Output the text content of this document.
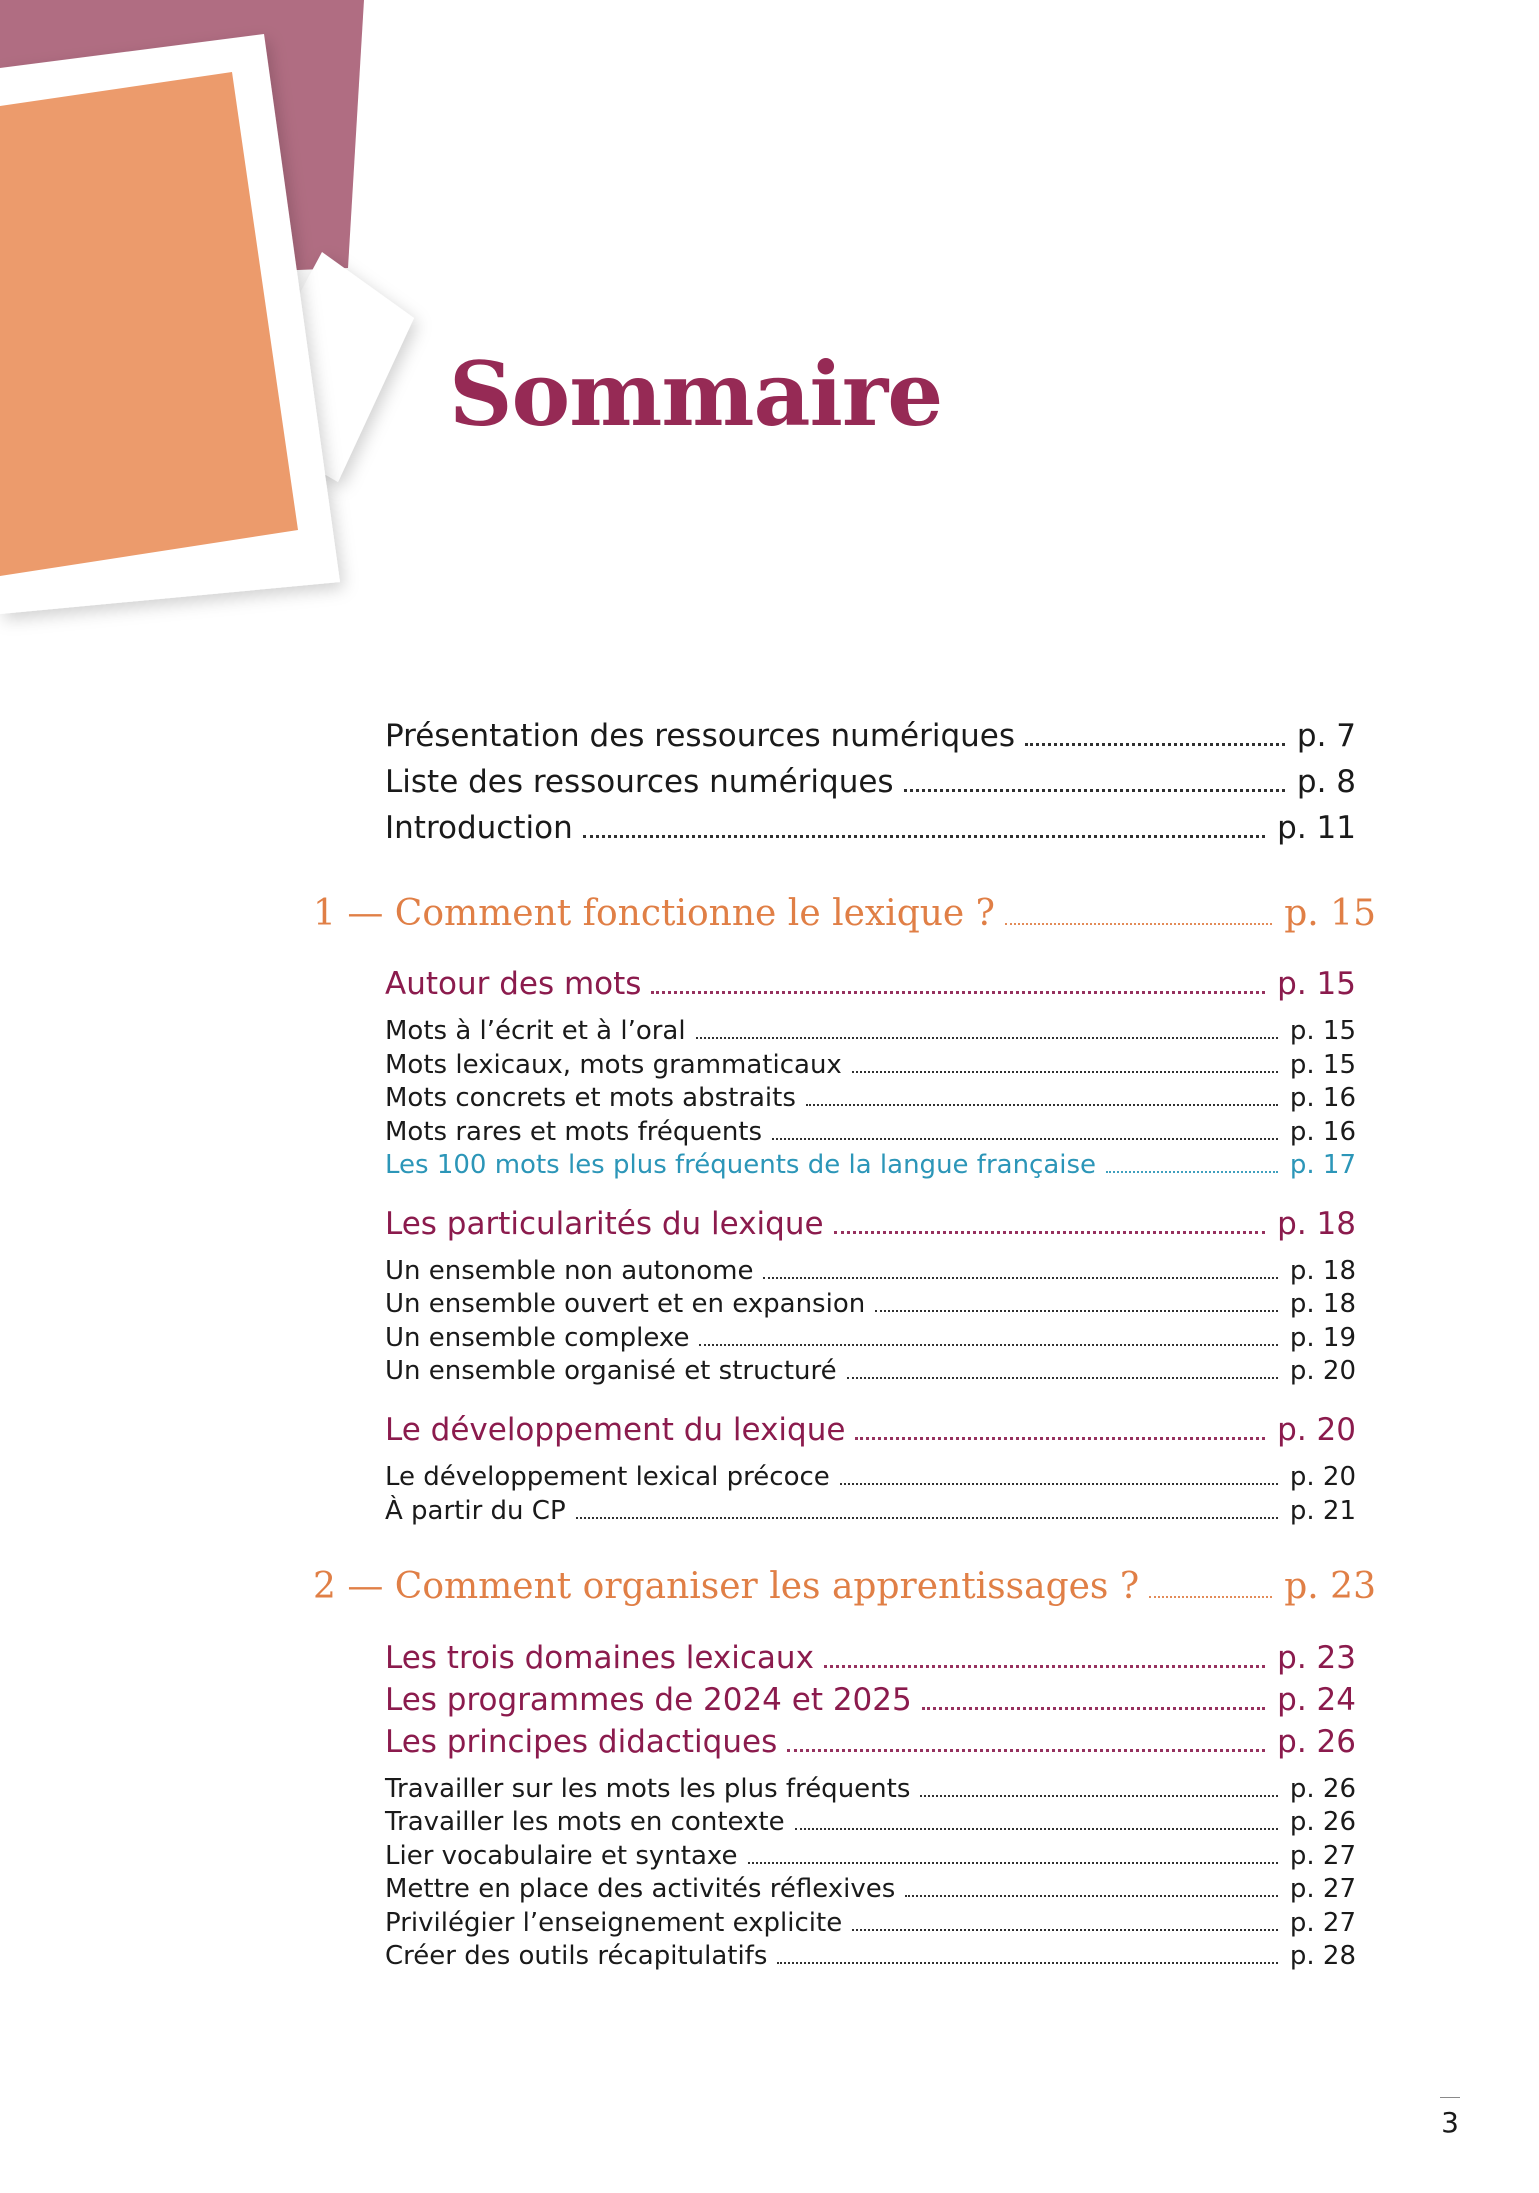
Sommaire
Présentation des ressources numériques	p. 7
Liste des ressources numériques	p. 8
Introduction	p. 11
1 — Comment fonctionne le lexique ?	p. 15
Autour des mots	p. 15
Mots à l’écrit et à l’oral	p. 15
Mots lexicaux, mots grammaticaux	p. 15
Mots concrets et mots abstraits	p. 16
Mots rares et mots fréquents	p. 16
Les 100 mots les plus fréquents de la langue française	p. 17
Les particularités du lexique	p. 18
Un ensemble non autonome	p. 18
Un ensemble ouvert et en expansion	p. 18
Un ensemble complexe	p. 19
Un ensemble organisé et structuré	p. 20
Le développement du lexique	p. 20
Le développement lexical précoce	p. 20
À partir du CP	p. 21
2 — Comment organiser les apprentissages ?	p. 23
Les trois domaines lexicaux	p. 23
Les programmes de 2024 et 2025	p. 24
Les principes didactiques	p. 26
Travailler sur les mots les plus fréquents	p. 26
Travailler les mots en contexte	p. 26
Lier vocabulaire et syntaxe	p. 27
Mettre en place des activités réflexives	p. 27
Privilégier l’enseignement explicite	p. 27
Créer des outils récapitulatifs	p. 28
3
